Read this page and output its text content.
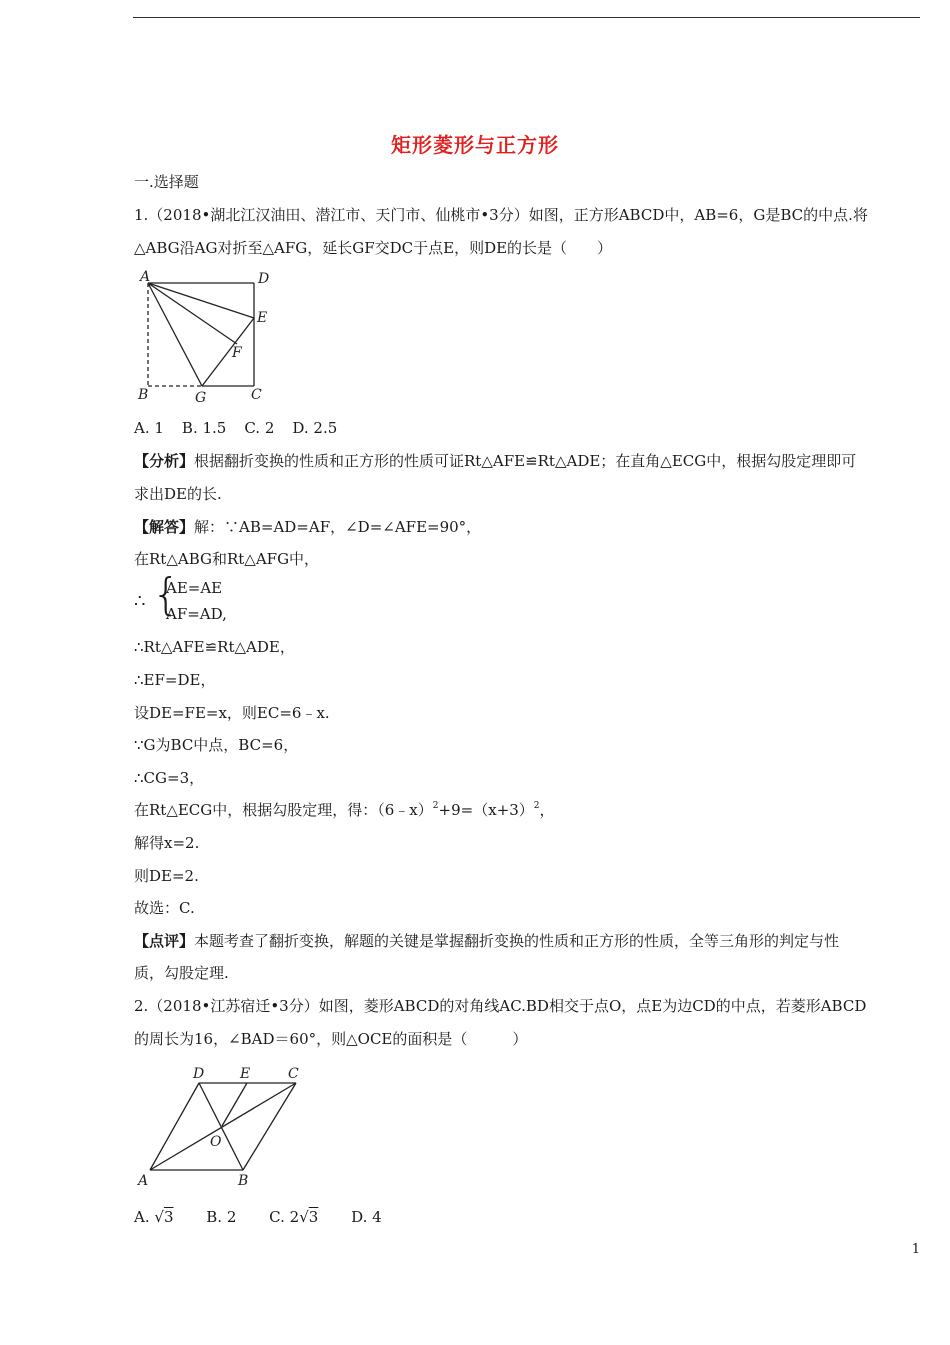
矩形菱形与正方形
一.选择题
1.（2018•湖北江汉油田、潜江市、天门市、仙桃市•3分）如图，正方形ABCD中，AB=6，G是BC的中点.将
△ABG沿AG对折至△AFG，延长GF交DC于点E，则DE的长是（　　）
A	D
E
F
B	G	C
A. 1 B. 1.5 C. 2 D. 2.5
【分析】根据翻折变换的性质和正方形的性质可证Rt△AFE≌Rt△ADE；在直角△ECG中，根据勾股定理即可
求出DE的长.
【解答】解：∵AB=AD=AF，∠D=∠AFE=90°，
在Rt△ABG和Rt△AFG中，
∴ {
AE=AE
AF=AD,
∴Rt△AFE≌Rt△ADE，
∴EF=DE，
设DE=FE=x，则EC=6﹣x.
∵G为BC中点，BC=6，
∴CG=3，
在Rt△ECG中，根据勾股定理，得：$(6﹣x)^2+9=(x+3)^2$，
解得x=2.
则DE=2.
故选：C.
【点评】本题考查了翻折变换，解题的关键是掌握翻折变换的性质和正方形的性质，全等三角形的判定与性
质，勾股定理.
2.（2018•江苏宿迁•3分）如图，菱形ABCD的对角线AC.BD相交于点O，点E为边CD的中点，若菱形ABCD
的周长为16，∠BAD＝60°，则△OCE的面积是（　　　）
A	B
C
D	E
O
A. √3 B. 2 C. 2√3 D. 4
1
